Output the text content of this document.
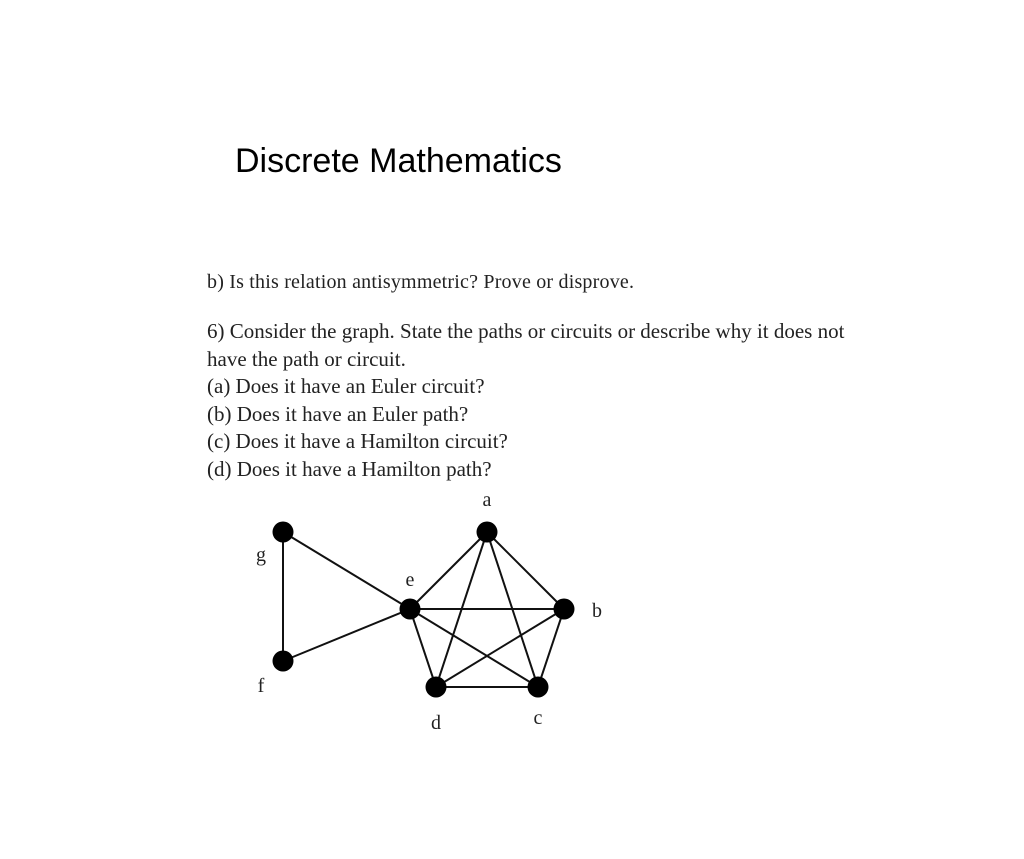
Discrete Mathematics
b) Is this relation antisymmetric? Prove or disprove.
6) Consider the graph. State the paths or circuits or describe why it does not
have the path or circuit.
(a) Does it have an Euler circuit?
(b) Does it have an Euler path?
(c) Does it have a Hamilton circuit?
(d) Does it have a Hamilton path?
a
b
c
d
e
f
g
